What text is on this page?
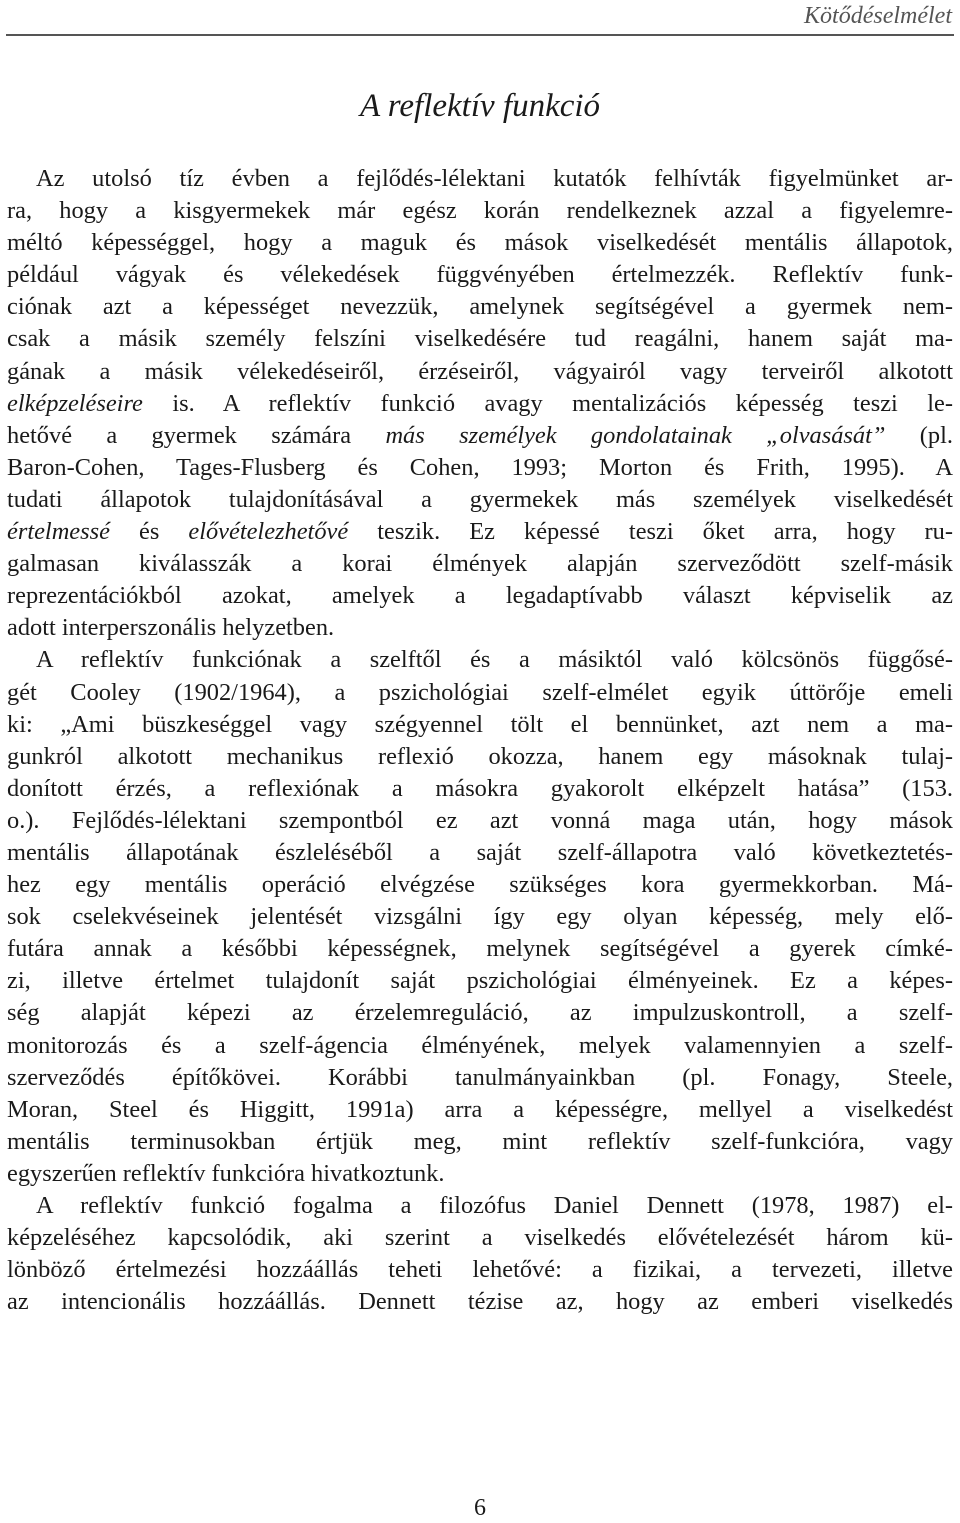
Kötődéselmélet
A reflektív funkció
Az utolsó tíz évben a fejlődés-lélektani kutatók felhívták figyelmünket ar-
ra, hogy a kisgyermekek már egész korán rendelkeznek azzal a figyelemre-
méltó képességgel, hogy a maguk és mások viselkedését mentális állapotok,
például vágyak és vélekedések függvényében értelmezzék. Reflektív funk-
ciónak azt a képességet nevezzük, amelynek segítségével a gyermek nem-
csak a másik személy felszíni viselkedésére tud reagálni, hanem saját ma-
gának a másik vélekedéseiről, érzéseiről, vágyairól vagy terveiről alkotott
elképzeléseire is. A reflektív funkció avagy mentalizációs képesség teszi le-
hetővé a gyermek számára más személyek gondolatainak „olvasását” (pl.
Baron-Cohen, Tages-Flusberg és Cohen, 1993; Morton és Frith, 1995). A
tudati állapotok tulajdonításával a gyermekek más személyek viselkedését
értelmessé és elővételezhetővé teszik. Ez képessé teszi őket arra, hogy ru-
galmasan kiválasszák a korai élmények alapján szerveződött szelf-másik
reprezentációkból azokat, amelyek a legadaptívabb választ képviselik az
adott interperszonális helyzetben.
A reflektív funkciónak a szelftől és a másiktól való kölcsönös függősé-
gét Cooley (1902/1964), a pszichológiai szelf-elmélet egyik úttörője emeli
ki: „Ami büszkeséggel vagy szégyennel tölt el bennünket, azt nem a ma-
gunkról alkotott mechanikus reflexió okozza, hanem egy másoknak tulaj-
donított érzés, a reflexiónak a másokra gyakorolt elképzelt hatása” (153.
o.). Fejlődés-lélektani szempontból ez azt vonná maga után, hogy mások
mentális állapotának észleléséből a saját szelf-állapotra való következtetés-
hez egy mentális operáció elvégzése szükséges kora gyermekkorban. Má-
sok cselekvéseinek jelentését vizsgálni így egy olyan képesség, mely elő-
futára annak a későbbi képességnek, melynek segítségével a gyerek címké-
zi, illetve értelmet tulajdonít saját pszichológiai élményeinek. Ez a képes-
ség alapját képezi az érzelemreguláció, az impulzuskontroll, a szelf-
monitorozás és a szelf-ágencia élményének, melyek valamennyien a szelf-
szerveződés építőkövei. Korábbi tanulmányainkban (pl. Fonagy, Steele,
Moran, Steel és Higgitt, 1991a) arra a képességre, mellyel a viselkedést
mentális terminusokban értjük meg, mint reflektív szelf-funkcióra, vagy
egyszerűen reflektív funkcióra hivatkoztunk.
A reflektív funkció fogalma a filozófus Daniel Dennett (1978, 1987) el-
képzeléséhez kapcsolódik, aki szerint a viselkedés elővételezését három kü-
lönböző értelmezési hozzáállás teheti lehetővé: a fizikai, a tervezeti, illetve
az intencionális hozzáállás. Dennett tézise az, hogy az emberi viselkedés
6
